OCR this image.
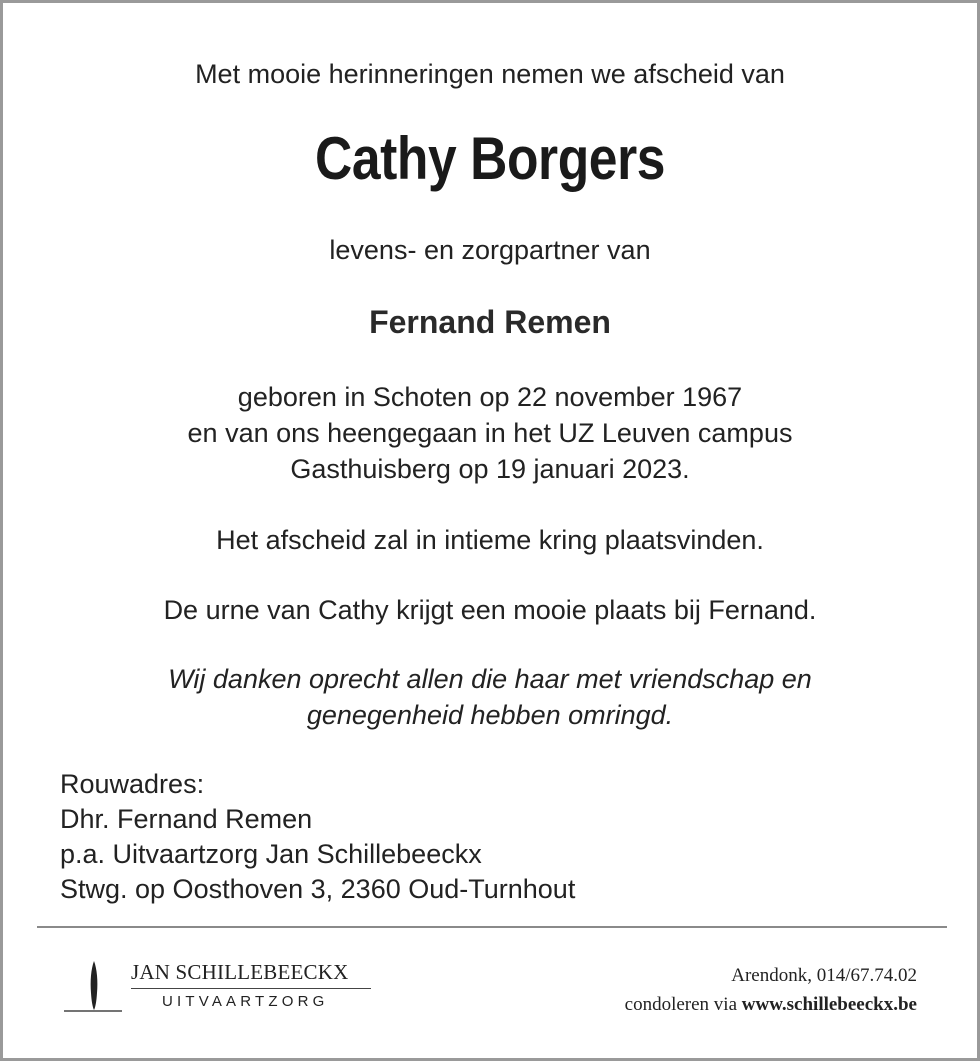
Met mooie herinneringen nemen we afscheid van
Cathy Borgers
levens- en zorgpartner van
Fernand Remen
geboren in Schoten op 22 november 1967
en van ons heengegaan in het UZ Leuven campus
Gasthuisberg op 19 januari 2023.
Het afscheid zal in intieme kring plaatsvinden.
De urne van Cathy krijgt een mooie plaats bij Fernand.
Wij danken oprecht allen die haar met vriendschap en
genegenheid hebben omringd.
Rouwadres:
Dhr. Fernand Remen
p.a. Uitvaartzorg Jan Schillebeeckx
Stwg. op Oosthoven 3, 2360 Oud-Turnhout
JAN SCHILLEBEECKX
UITVAARTZORG
Arendonk, 014/67.74.02
condoleren via www.schillebeeckx.be
